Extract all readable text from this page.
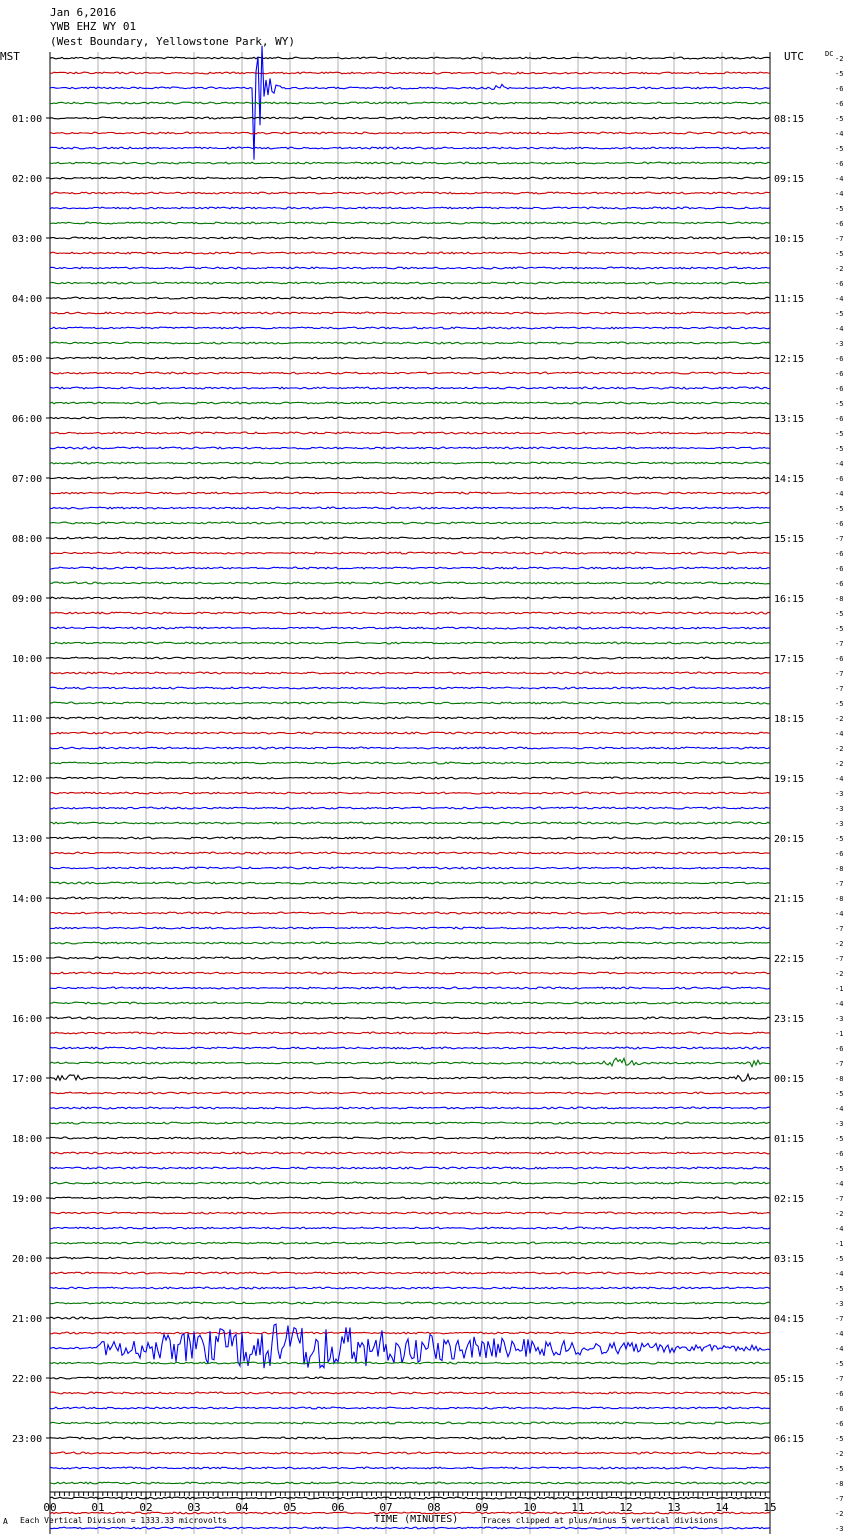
Jan 6,2016
YWB EHZ WY 01
(West Boundary, Yellowstone Park, WY)
MST	UTC	DC
01:00
02:00
03:00
04:00
05:00
06:00
07:00
08:00
09:00
10:00
11:00
12:00
13:00
14:00
15:00
16:00
17:00
18:00
19:00
20:00
21:00
22:00
23:00
08:15
09:15
10:15
11:15
12:15
13:15
14:15
15:15
16:15
17:15
18:15
19:15
20:15
21:15
22:15
23:15
00:15
01:15
02:15
03:15
04:15
05:15
06:15
-2
-5
-6
-6
-5
-4
-5
-6
-4
-4
-5
-6
-7
-5
-2
-6
-4
-5
-4
-3
-6
-6
-6
-5
-6
-5
-5
-4
-6
-4
-5
-6
-7
-6
-6
-6
-8
-5
-5
-7
-6
-7
-7
-5
-2
-4
-2
-2
-4
-3
-3
-3
-5
-6
-8
-7
-8
-4
-7
-2
-7
-2
-1
-4
-3
-1
-6
-7
-8
-5
-4
-3
-5
-6
-5
-4
-7
-2
-4
-1
-5
-4
-5
-3
-7
-4
-4
-5
-7
-6
-6
-6
-5
-2
-5
-8
-7
-2
-3
00	01	02	03	04	05	06	07	08	09	10	11	12	13	14	15
A Each Vertical Division = 1333.33 microvolts	TIME (MINUTES)	Traces clipped at plus/minus 5 vertical divisions
